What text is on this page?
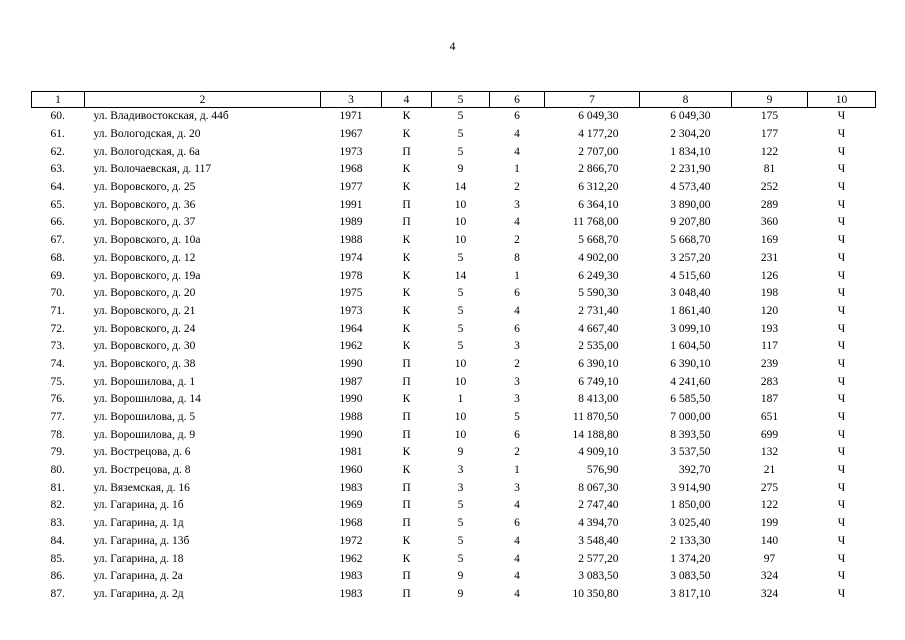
4
1	2	3	4	5	6	7	8	9	10
60.	ул. Владивостокская, д. 44б	1971	К	5	6	6 049,30	6 049,30	175	Ч
61.	ул. Вологодская, д. 20	1967	К	5	4	4 177,20	2 304,20	177	Ч
62.	ул. Вологодская, д. 6а	1973	П	5	4	2 707,00	1 834,10	122	Ч
63.	ул. Волочаевская, д. 117	1968	К	9	1	2 866,70	2 231,90	81	Ч
64.	ул. Воровского, д. 25	1977	К	14	2	6 312,20	4 573,40	252	Ч
65.	ул. Воровского, д. 36	1991	П	10	3	6 364,10	3 890,00	289	Ч
66.	ул. Воровского, д. 37	1989	П	10	4	11 768,00	9 207,80	360	Ч
67.	ул. Воровского, д. 10а	1988	К	10	2	5 668,70	5 668,70	169	Ч
68.	ул. Воровского, д. 12	1974	К	5	8	4 902,00	3 257,20	231	Ч
69.	ул. Воровского, д. 19а	1978	К	14	1	6 249,30	4 515,60	126	Ч
70.	ул. Воровского, д. 20	1975	К	5	6	5 590,30	3 048,40	198	Ч
71.	ул. Воровского, д. 21	1973	К	5	4	2 731,40	1 861,40	120	Ч
72.	ул. Воровского, д. 24	1964	К	5	6	4 667,40	3 099,10	193	Ч
73.	ул. Воровского, д. 30	1962	К	5	3	2 535,00	1 604,50	117	Ч
74.	ул. Воровского, д. 38	1990	П	10	2	6 390,10	6 390,10	239	Ч
75.	ул. Ворошилова, д. 1	1987	П	10	3	6 749,10	4 241,60	283	Ч
76.	ул. Ворошилова, д. 14	1990	К	1	3	8 413,00	6 585,50	187	Ч
77.	ул. Ворошилова, д. 5	1988	П	10	5	11 870,50	7 000,00	651	Ч
78.	ул. Ворошилова, д. 9	1990	П	10	6	14 188,80	8 393,50	699	Ч
79.	ул. Вострецова, д. 6	1981	К	9	2	4 909,10	3 537,50	132	Ч
80.	ул. Вострецова, д. 8	1960	К	3	1	576,90	392,70	21	Ч
81.	ул. Вяземская, д. 16	1983	П	3	3	8 067,30	3 914,90	275	Ч
82.	ул. Гагарина, д. 1б	1969	П	5	4	2 747,40	1 850,00	122	Ч
83.	ул. Гагарина, д. 1д	1968	П	5	6	4 394,70	3 025,40	199	Ч
84.	ул. Гагарина, д. 13б	1972	К	5	4	3 548,40	2 133,30	140	Ч
85.	ул. Гагарина, д. 18	1962	К	5	4	2 577,20	1 374,20	97	Ч
86.	ул. Гагарина, д. 2а	1983	П	9	4	3 083,50	3 083,50	324	Ч
87.	ул. Гагарина, д. 2д	1983	П	9	4	10 350,80	3 817,10	324	Ч
